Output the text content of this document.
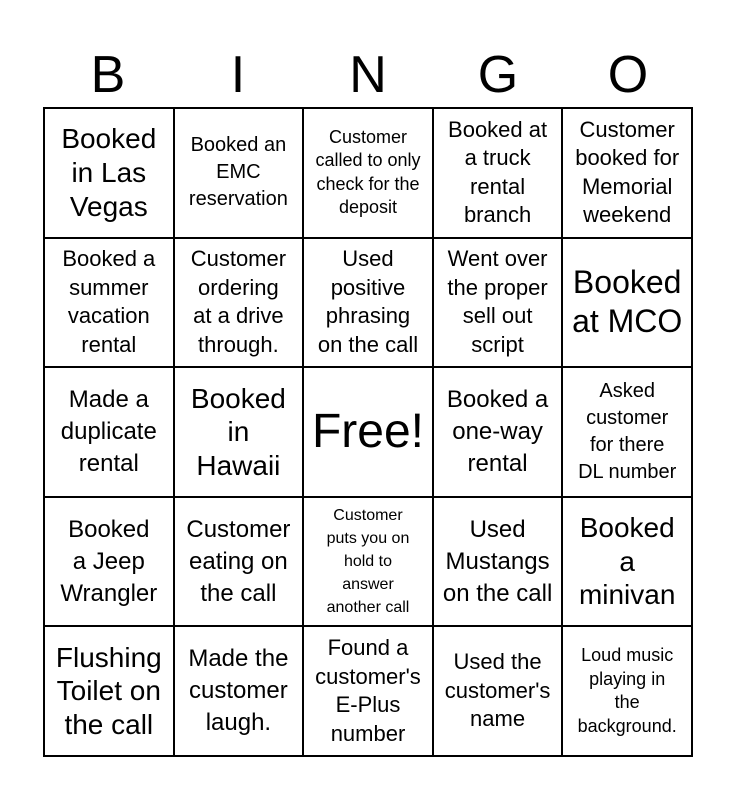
B	I	N	G	O
Booked
in Las
Vegas	Booked an
EMC
reservation	Customer
called to only
check for the
deposit	Booked at
a truck
rental
branch	Customer
booked for
Memorial
weekend

Booked a
summer
vacation
rental	Customer
ordering
at a drive
through.	Used
positive
phrasing
on the call	Went over
the proper
sell out
script	Booked
at MCO

Made a
duplicate
rental	Booked
in
Hawaii	Free!	Booked a
one-way
rental	Asked
customer
for there
DL number

Booked
a Jeep
Wrangler	Customer
eating on
the call	Customer
puts you on
hold to
answer
another call	Used
Mustangs
on the call	Booked
a
minivan

Flushing
Toilet on
the call	Made the
customer
laugh.	Found a
customer's
E-Plus
number	Used the
customer's
name	Loud music
playing in
the
background.
